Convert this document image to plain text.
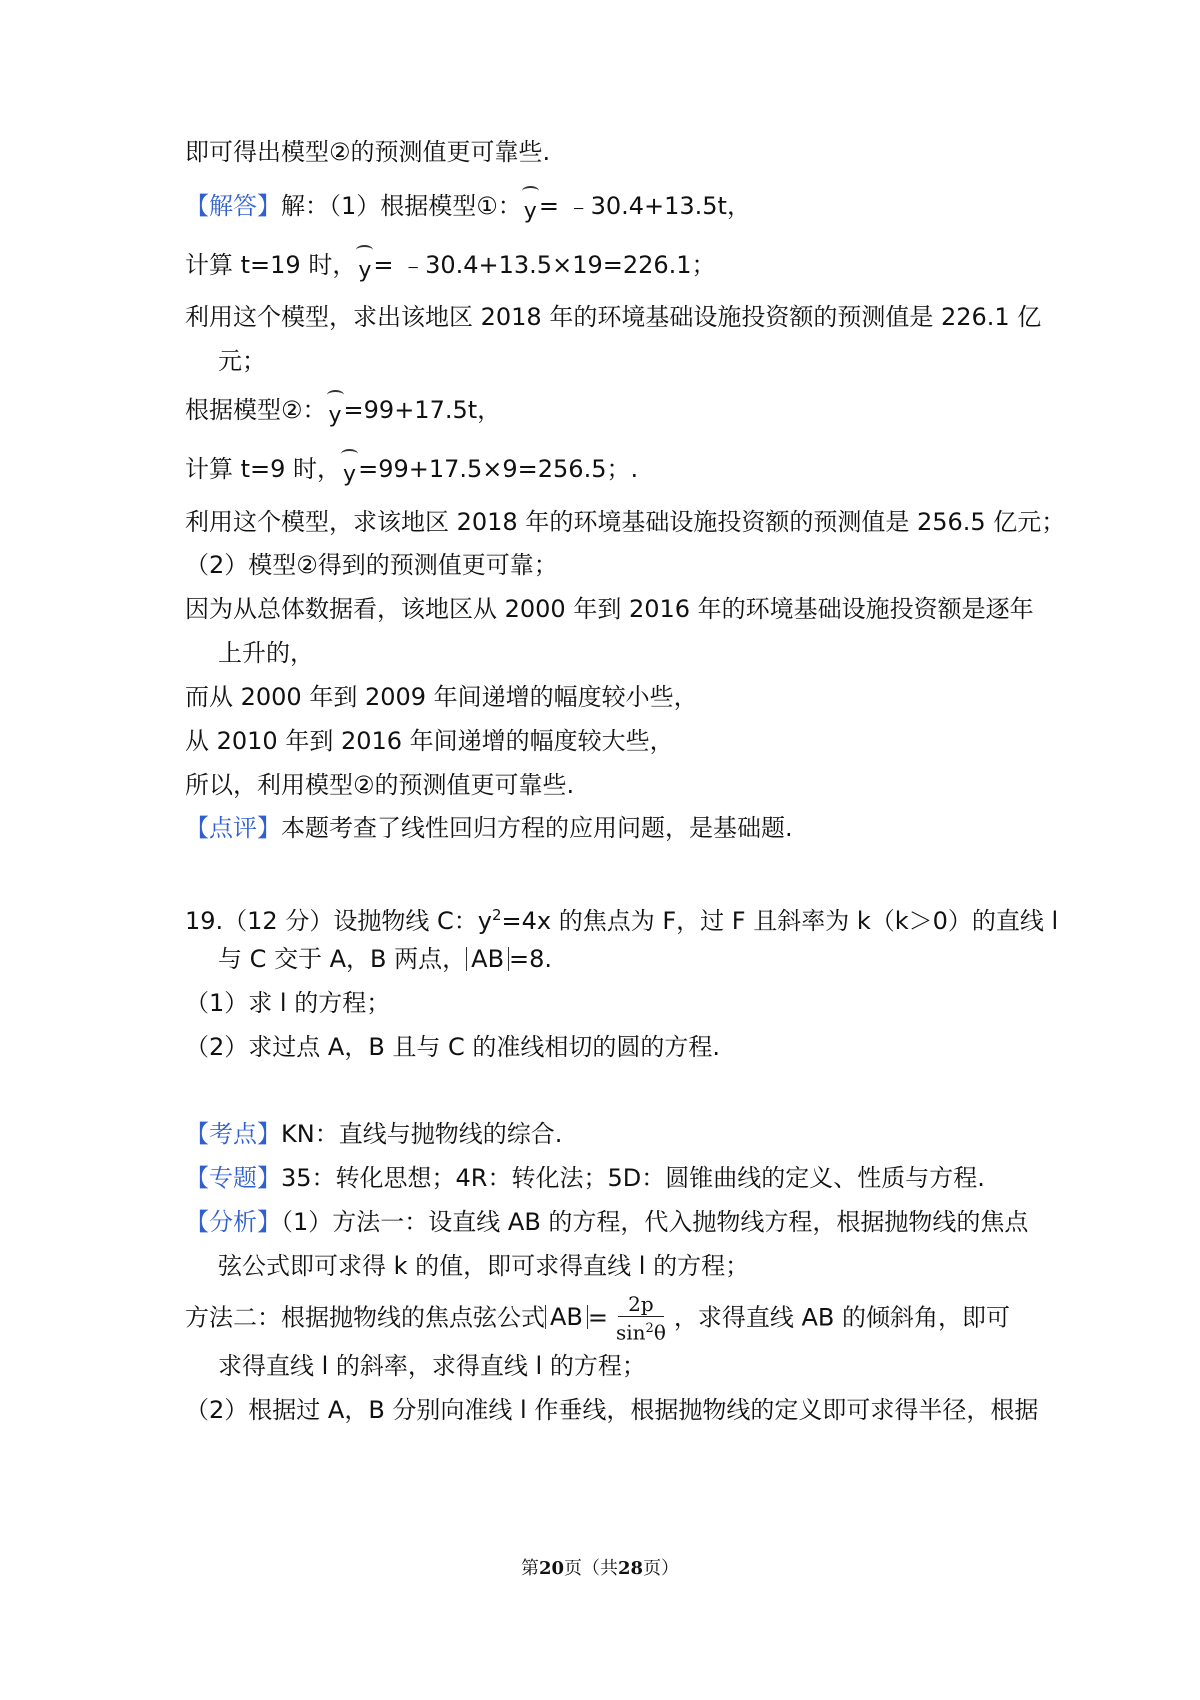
即可得出模型②的预测值更可靠些.

【解答】解：（1）根据模型①：y= ﹣30.4+13.5t，

计算 t=19 时，y= ﹣30.4+13.5×19=226.1；

利用这个模型，求出该地区 2018 年的环境基础设施投资额的预测值是 226.1 亿

元；

根据模型②：y=99+17.5t，

计算 t=9 时，y=99+17.5×9=256.5；.

利用这个模型，求该地区 2018 年的环境基础设施投资额的预测值是 256.5 亿元；

（2）模型②得到的预测值更可靠；

因为从总体数据看，该地区从 2000 年到 2016 年的环境基础设施投资额是逐年

上升的，

而从 2000 年到 2009 年间递增的幅度较小些，

从 2010 年到 2016 年间递增的幅度较大些，

所以，利用模型②的预测值更可靠些.

【点评】本题考查了线性回归方程的应用问题，是基础题.

19.（12 分）设抛物线 C：$y^2=4x$ 的焦点为 F，过 F 且斜率为 k（k＞0）的直线 l

与 C 交于 A，B 两点， AB =8.

（1）求 l 的方程；

（2）求过点 A，B 且与 C 的准线相切的圆的方程.

【考点】KN：直线与抛物线的综合.

【专题】35：转化思想；4R：转化法；5D：圆锥曲线的定义、性质与方程.

【分析】（1）方法一：设直线 AB 的方程，代入抛物线方程，根据抛物线的焦点

弦公式即可求得 k 的值，即可求得直线 l 的方程；

方法二：根据抛物线的焦点弦公式 AB = $\frac{2p}{\sin^2\theta}$ ，求得直线 AB 的倾斜角，即可

求得直线 l 的斜率，求得直线 l 的方程；

（2）根据过 A，B 分别向准线 l 作垂线，根据抛物线的定义即可求得半径，根据

第20页（共28页）
